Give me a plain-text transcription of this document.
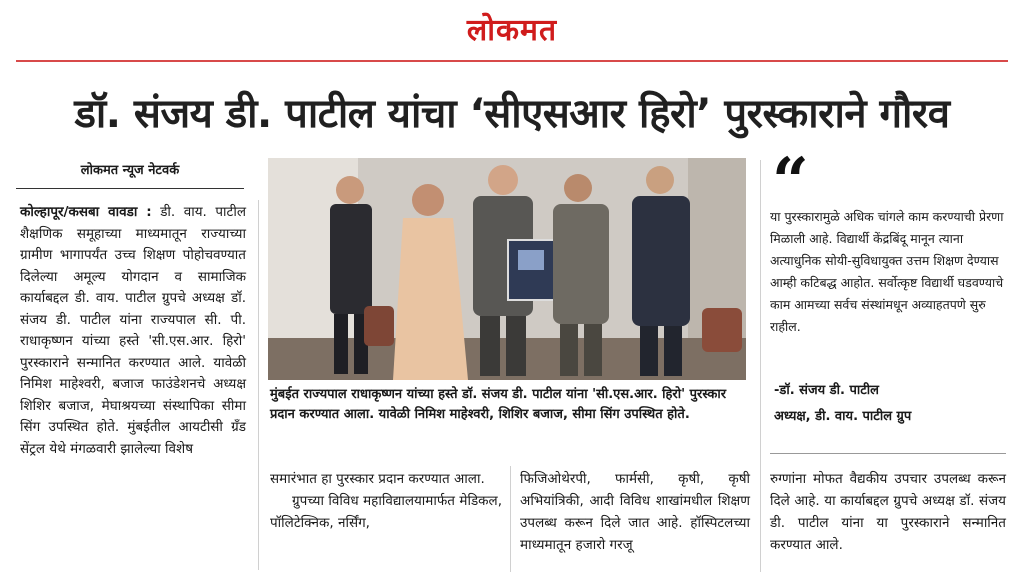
लोकमत
डॉ. संजय डी. पाटील यांचा ‘सीएसआर हिरो’ पुरस्काराने गौरव
लोकमत न्यूज नेटवर्क
कोल्हापूर/कसबा वावडा : डी. वाय. पाटील शैक्षणिक समूहाच्या माध्यमातून राज्याच्या ग्रामीण भागापर्यंत उच्च शिक्षण पोहोचवण्यात दिलेल्या अमूल्य योगदान व सामाजिक कार्याबद्दल डी. वाय. पाटील ग्रुपचे अध्यक्ष डॉ. संजय डी. पाटील यांना राज्यपाल सी. पी. राधाकृष्णन यांच्या हस्ते 'सी.एस.आर. हिरो' पुरस्काराने सन्मानित करण्यात आले. यावेळी निमिश माहेश्वरी, बजाज फाउंडेशनचे अध्यक्ष शिशिर बजाज, मेघाश्रयच्या संस्थापिका सीमा सिंग उपस्थित होते. मुंबईतील आयटीसी ग्रँड सेंट्रल येथे मंगळवारी झालेल्या विशेष
मुंबईत राज्यपाल राधाकृष्णन यांच्या हस्ते डॉ. संजय डी. पाटील यांना 'सी.एस.आर. हिरो' पुरस्कार प्रदान करण्यात आला. यावेळी निमिश माहेश्वरी, शिशिर बजाज, सीमा सिंग उपस्थित होते.
समारंभात हा पुरस्कार प्रदान करण्यात आला.
ग्रुपच्या विविध महाविद्यालयामार्फत मेडिकल, पॉलिटेक्निक, नर्सिंग,
फिजिओथेरपी, फार्मसी, कृषी, कृषी अभियांत्रिकी, आदी विविध शाखांमधील शिक्षण उपलब्ध करून दिले जात आहे. हॉस्पिटलच्या माध्यमातून हजारो गरजू
“
या पुरस्कारामुळे अधिक चांगले काम करण्याची प्रेरणा मिळाली आहे. विद्यार्थी केंद्रबिंदू मानून त्याना अत्याधुनिक सोयी-सुविधायुक्त उत्तम शिक्षण देण्यास आम्ही कटिबद्ध आहोत. सर्वोत्कृष्ट विद्यार्थी घडवण्याचे काम आमच्या सर्वच संस्थांमधून अव्याहतपणे सुरु राहील.
-डॉ. संजय डी. पाटील
अध्यक्ष, डी. वाय. पाटील ग्रुप
रुग्णांना मोफत वैद्यकीय उपचार उपलब्ध करून दिले आहे. या कार्याबद्दल ग्रुपचे अध्यक्ष डॉ. संजय डी. पाटील यांना या पुरस्काराने सन्मानित करण्यात आले.
